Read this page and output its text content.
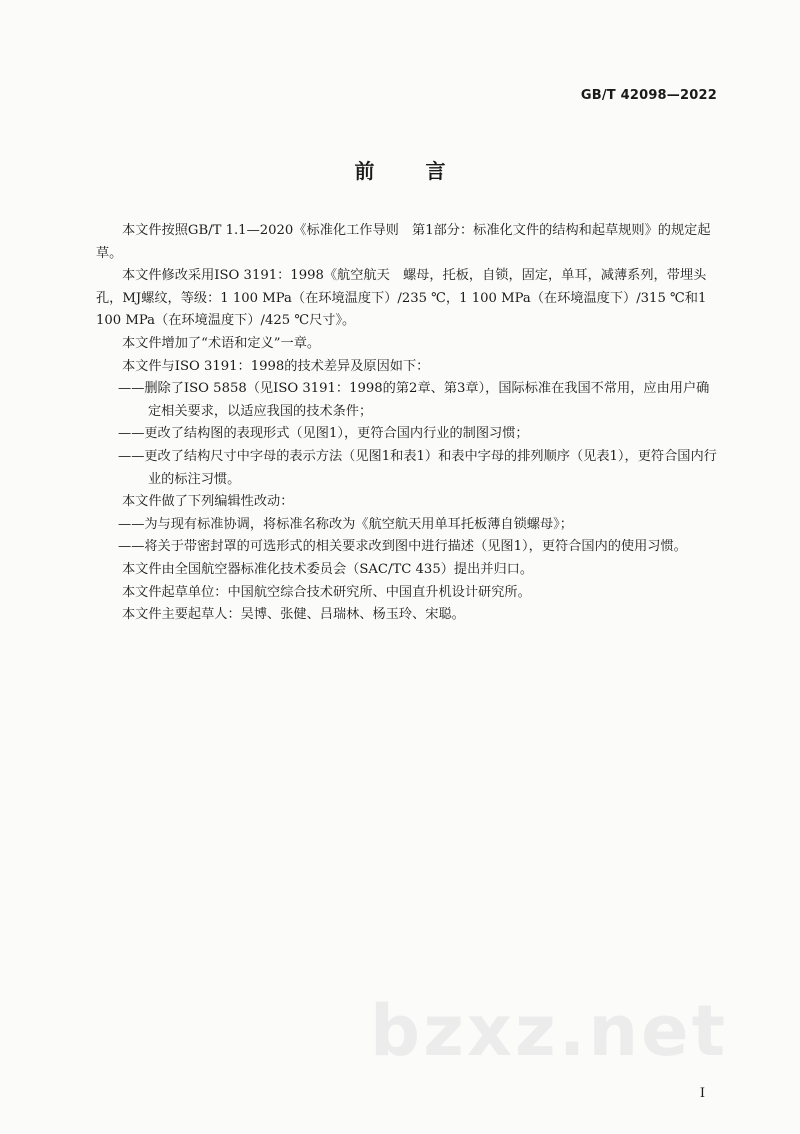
GB/T 42098—2022
前 言

本文件按照GB/T 1.1—2020《标准化工作导则　第1部分：标准化文件的结构和起草规则》的规定起草。

本文件修改采用ISO 3191：1998《航空航天　螺母，托板，自锁，固定，单耳，减薄系列，带埋头孔，MJ螺纹，等级：1 100 MPa（在环境温度下）/235 ℃，1 100 MPa（在环境温度下）/315 ℃和1 100 MPa（在环境温度下）/425 ℃尺寸》。

本文件增加了“术语和定义”一章。

本文件与ISO 3191：1998的技术差异及原因如下：

——删除了ISO 5858（见ISO 3191：1998的第2章、第3章），国际标准在我国不常用，应由用户确定相关要求，以适应我国的技术条件；

——更改了结构图的表现形式（见图1），更符合国内行业的制图习惯；

——更改了结构尺寸中字母的表示方法（见图1和表1）和表中字母的排列顺序（见表1），更符合国内行业的标注习惯。

本文件做了下列编辑性改动：

——为与现有标准协调，将标准名称改为《航空航天用单耳托板薄自锁螺母》；

——将关于带密封罩的可选形式的相关要求改到图中进行描述（见图1），更符合国内的使用习惯。

本文件由全国航空器标准化技术委员会（SAC/TC 435）提出并归口。

本文件起草单位：中国航空综合技术研究所、中国直升机设计研究所。

本文件主要起草人：吴博、张健、吕瑞林、杨玉玲、宋聪。

bzxz.net
I
